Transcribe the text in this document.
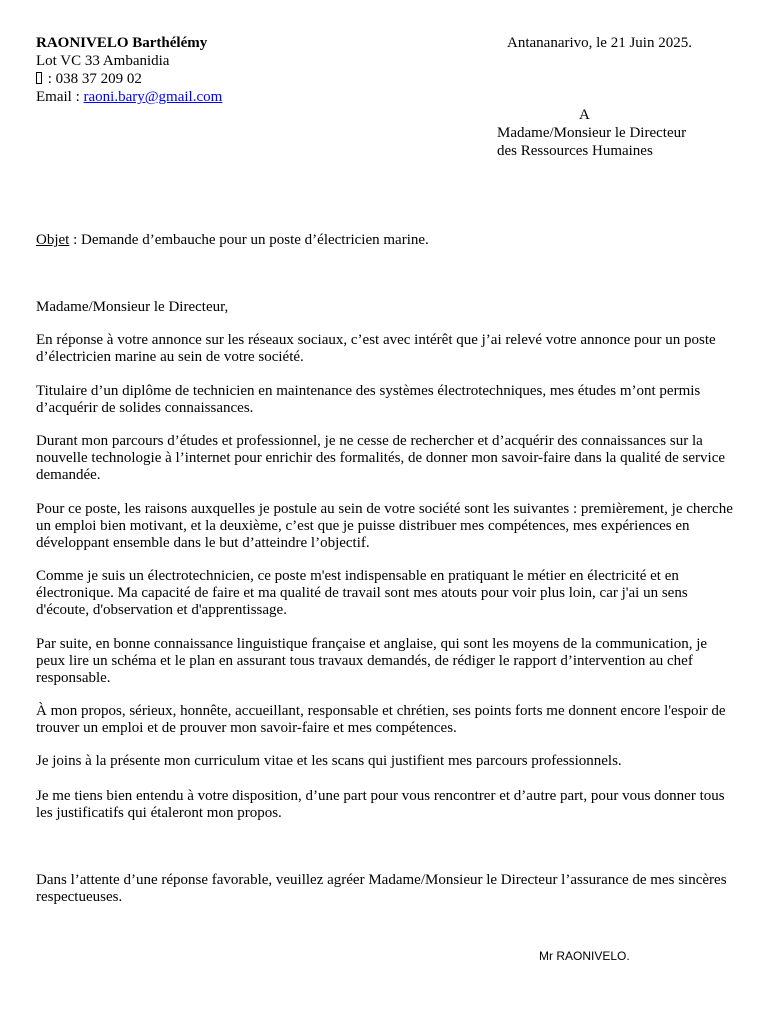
RAONIVELO Barthélémy
Lot VC 33 Ambanidia
: 038 37 209 02
Email : raoni.bary@gmail.com
Antananarivo, le 21 Juin 2025.
A
Madame/Monsieur le Directeur
des Ressources Humaines
Objet : Demande d’embauche pour un poste d’électricien marine.
Madame/Monsieur le Directeur,

En réponse à votre annonce sur les réseaux sociaux, c’est avec intérêt que j’ai relevé votre annonce pour un poste d’électricien marine au sein de votre société.

Titulaire d’un diplôme de technicien en maintenance des systèmes électrotechniques, mes études m’ont permis d’acquérir de solides connaissances.

Durant mon parcours d’études et professionnel, je ne cesse de rechercher et d’acquérir des connaissances sur la nouvelle technologie à l’internet pour enrichir des formalités, de donner mon savoir-faire dans la qualité de service demandée.

Pour ce poste, les raisons auxquelles je postule au sein de votre société sont les suivantes : premièrement, je cherche un emploi bien motivant, et la deuxième, c’est que je puisse distribuer mes compétences, mes expériences en développant ensemble dans le but d’atteindre l’objectif.

Comme je suis un électrotechnicien, ce poste m'est indispensable en pratiquant le métier en électricité et en électronique. Ma capacité de faire et ma qualité de travail sont mes atouts pour voir plus loin, car j'ai un sens d'écoute, d'observation et d'apprentissage.

Par suite, en bonne connaissance linguistique française et anglaise, qui sont les moyens de la communication, je peux lire un schéma et le plan en assurant tous travaux demandés, de rédiger le rapport d’intervention au chef responsable.

À mon propos, sérieux, honnête, accueillant, responsable et chrétien, ses points forts me donnent encore l'espoir de trouver un emploi et de prouver mon savoir-faire et mes compétences.

Je joins à la présente mon curriculum vitae et les scans qui justifient mes parcours professionnels.

Je me tiens bien entendu à votre disposition, d’une part pour vous rencontrer et d’autre part, pour vous donner tous les justificatifs qui étaleront mon propos.

Dans l’attente d’une réponse favorable, veuillez agréer Madame/Monsieur le Directeur l’assurance de mes sincères respectueuses.

Mr RAONIVELO.
